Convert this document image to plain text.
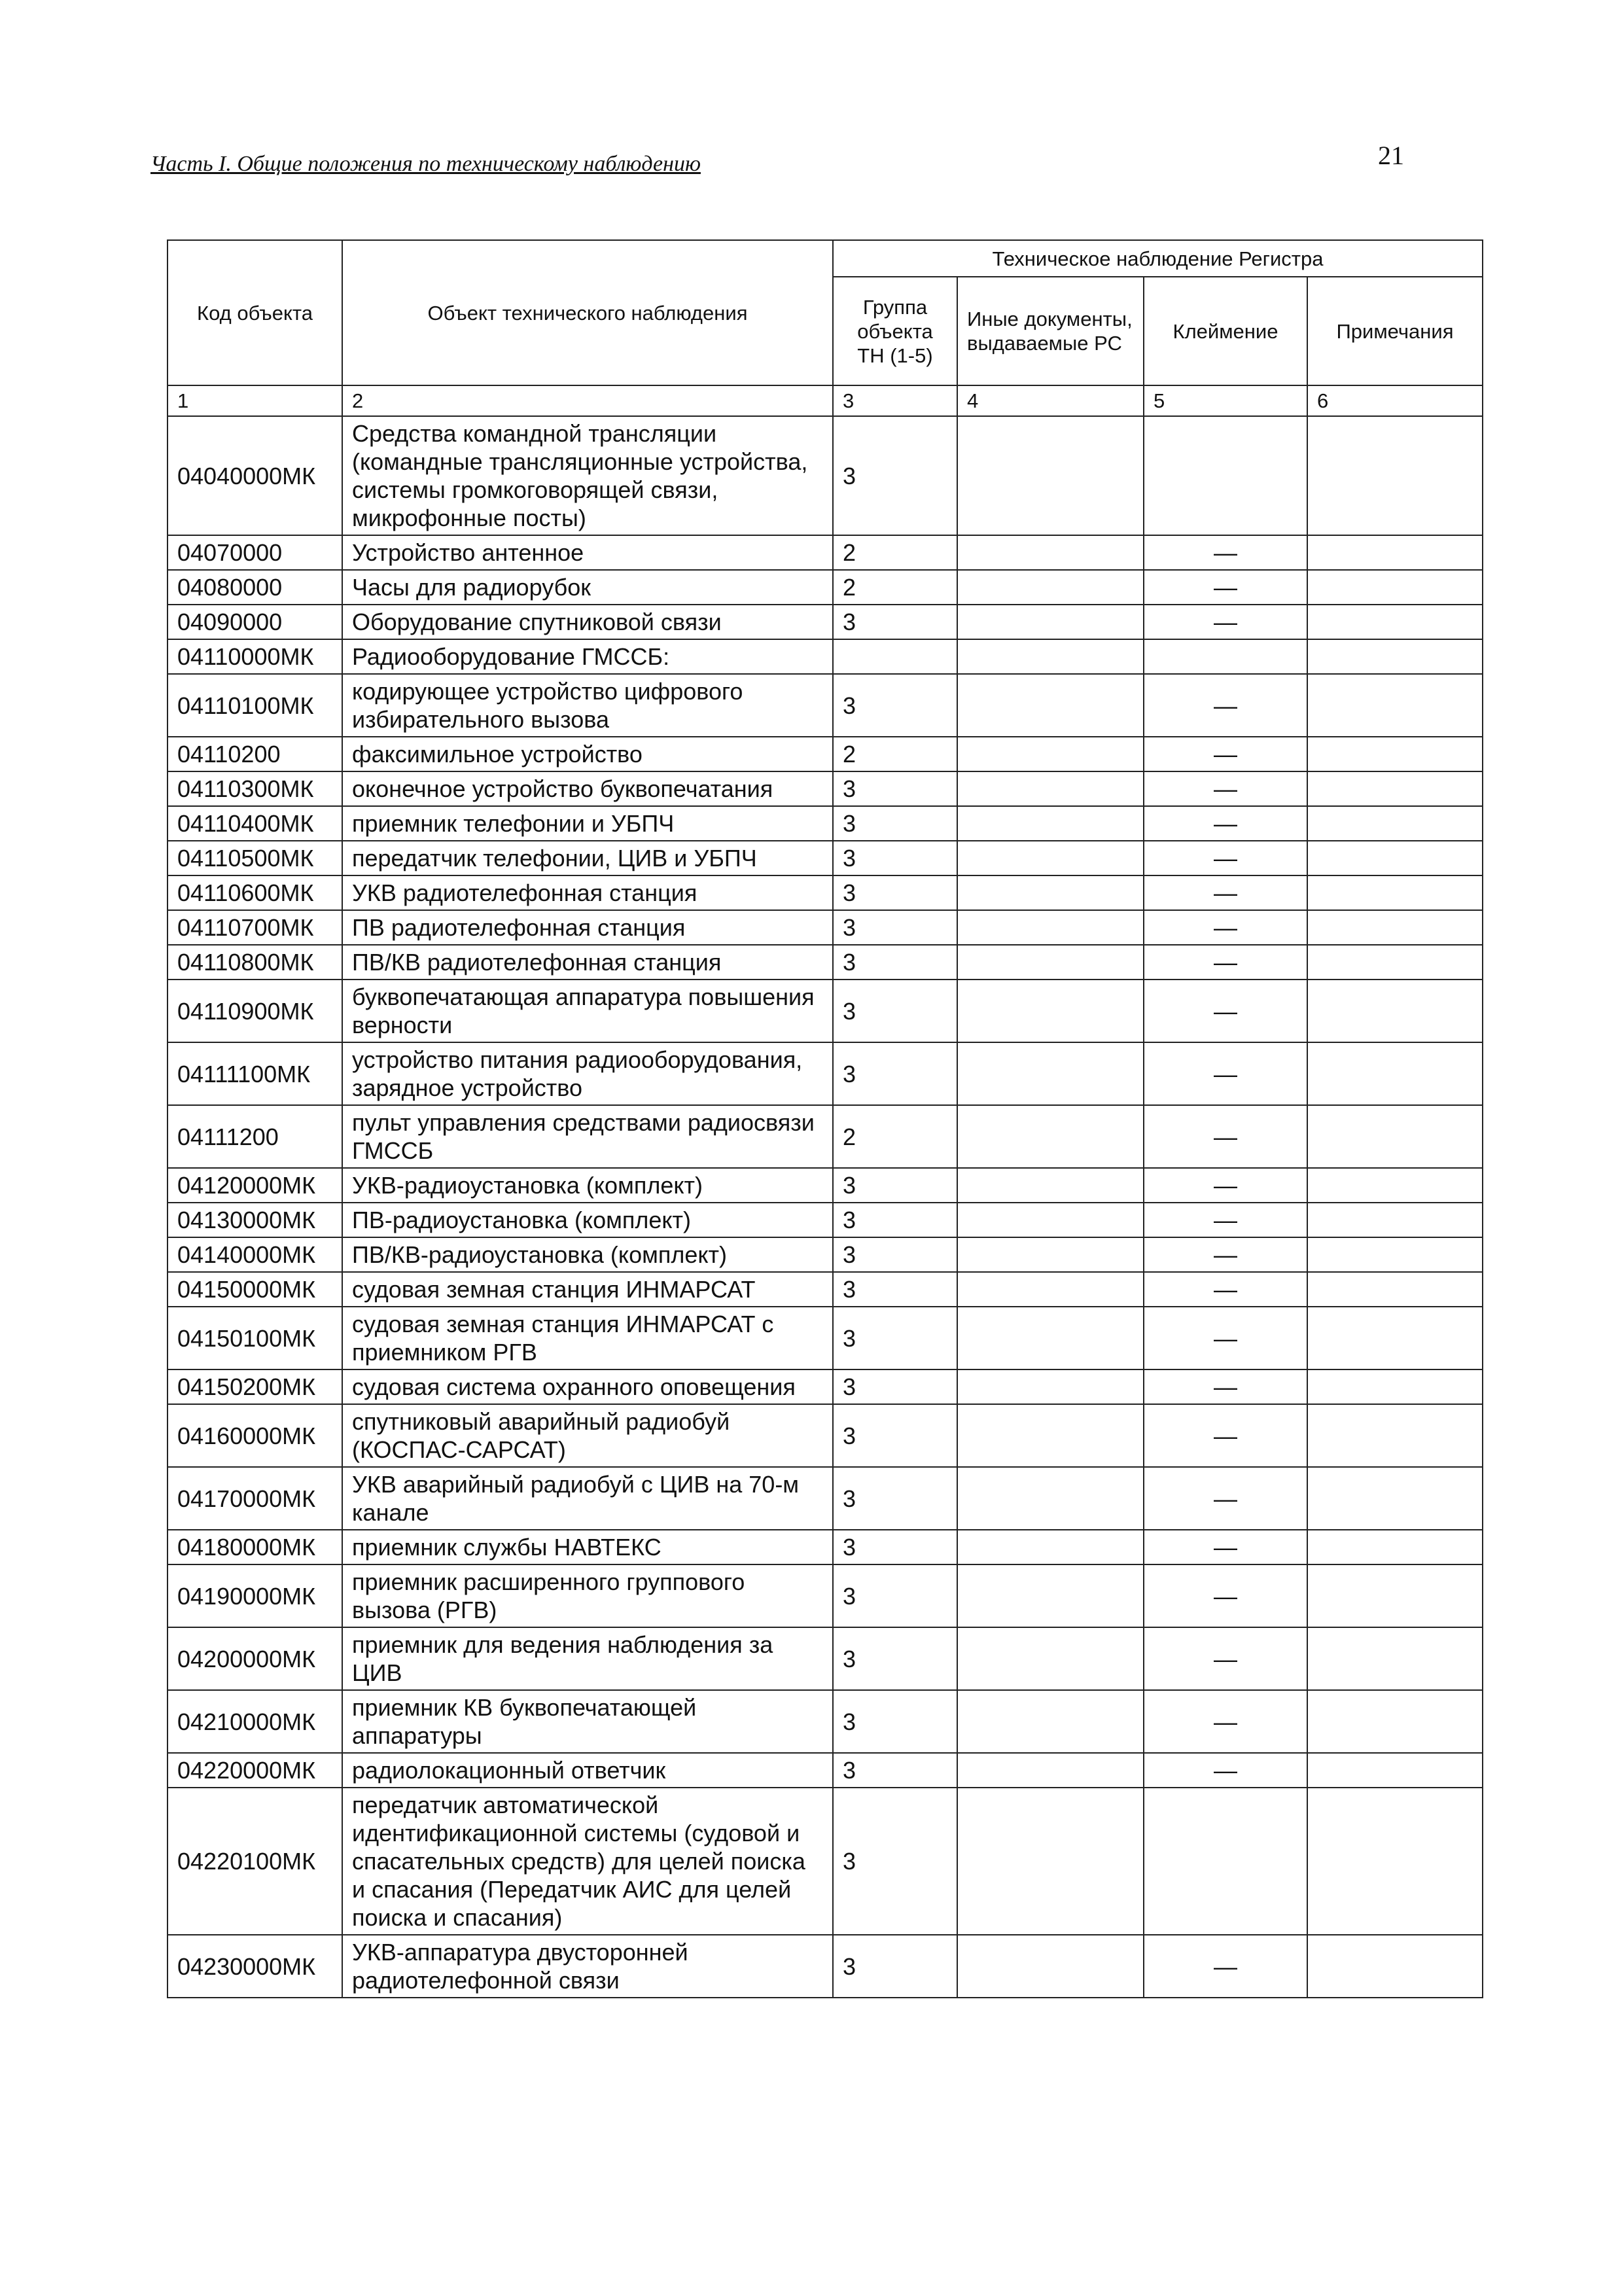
Часть I. Общие положения по техническому наблюдению	21
Код объекта	Объект технического наблюдения	Техническое наблюдение Регистра			
		Группа объекта ТН (1-5)	Иные документы, выдаваемые РС	Клеймение	Примечания
1	2	3	4	5	6
04040000МК	Средства командной трансляции (командные трансляционные устройства, системы громкоговорящей связи, микрофонные посты)	3			
04070000	Устройство антенное	2		—	
04080000	Часы для радиорубок	2		—	
04090000	Оборудование спутниковой связи	3		—	
04110000МК	Радиооборудование ГМССБ:				
04110100МК	кодирующее устройство цифрового избирательного вызова	3		—	
04110200	факсимильное устройство	2		—	
04110300МК	оконечное устройство буквопечатания	3		—	
04110400МК	приемник телефонии и УБПЧ	3		—	
04110500МК	передатчик телефонии, ЦИВ и УБПЧ	3		—	
04110600МК	УКВ радиотелефонная станция	3		—	
04110700МК	ПВ радиотелефонная станция	3		—	
04110800МК	ПВ/КВ радиотелефонная станция	3		—	
04110900МК	буквопечатающая аппаратура повышения верности	3		—	
04111100МК	устройство питания радиооборудования, зарядное устройство	3		—	
04111200	пульт управления средствами радиосвязи ГМССБ	2		—	
04120000МК	УКВ-радиоустановка (комплект)	3		—	
04130000МК	ПВ-радиоустановка (комплект)	3		—	
04140000МК	ПВ/КВ-радиоустановка (комплект)	3		—	
04150000МК	судовая земная станция ИНМАРСАТ	3		—	
04150100МК	судовая земная станция ИНМАРСАТ с приемником РГВ	3		—	
04150200МК	судовая система охранного оповещения	3		—	
04160000МК	спутниковый аварийный радиобуй (КОСПАС-САРСАТ)	3		—	
04170000МК	УКВ аварийный радиобуй с ЦИВ на 70-м канале	3		—	
04180000МК	приемник службы НАВТЕКС	3		—	
04190000МК	приемник расширенного группового вызова (РГВ)	3		—	
04200000МК	приемник для ведения наблюдения за ЦИВ	3		—	
04210000МК	приемник КВ буквопечатающей аппаратуры	3		—	
04220000МК	радиолокационный ответчик	3		—	
04220100МК	передатчик автоматической идентификационной системы (судовой и спасательных средств) для целей поиска и спасания (Передатчик АИС для целей поиска и спасания)	3			
04230000МК	УКВ-аппаратура двусторонней радиотелефонной связи	3		—	
